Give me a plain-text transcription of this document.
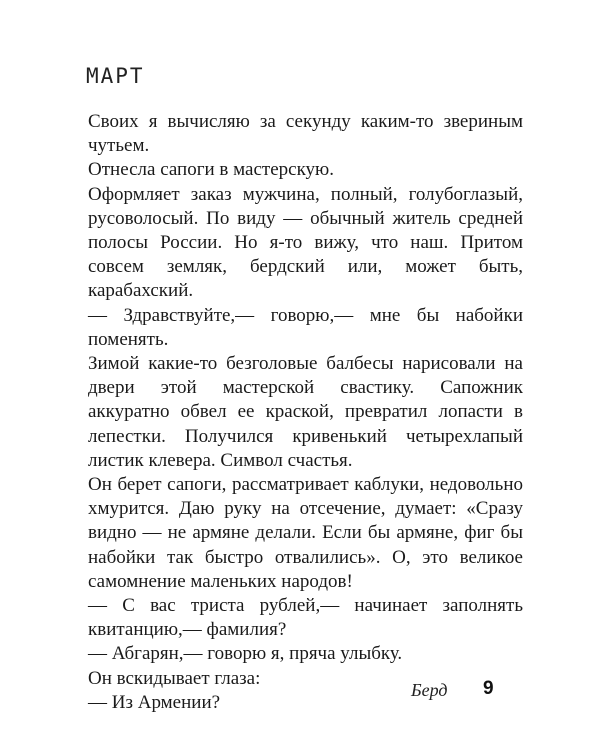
МАРТ

Своих я вычисляю за секунду каким-то звериным чутьем.

Отнесла сапоги в мастерскую.

Оформляет заказ мужчина, полный, голубоглазый, русоволосый. По виду — обычный житель средней полосы России. Но я-то вижу, что наш. Притом совсем земляк, бердский или, может быть, карабахский.

— Здравствуйте,— говорю,— мне бы набойки поменять.

Зимой какие-то безголовые балбесы нарисовали на двери этой мастерской свастику. Сапожник аккуратно обвел ее краской, превратил лопасти в лепестки. Получился кривенький четырехлапый листик клевера. Символ счастья.

Он берет сапоги, рассматривает каблуки, недовольно хмурится. Даю руку на отсечение, думает: «Сразу видно — не армяне делали. Если бы армяне, фиг бы набойки так быстро отвалились». О, это великое самомнение маленьких народов!

— С вас триста рублей,— начинает заполнять квитанцию,— фамилия?

— Абгарян,— говорю я, пряча улыбку.

Он вскидывает глаза:

— Из Армении?

Берд 9
